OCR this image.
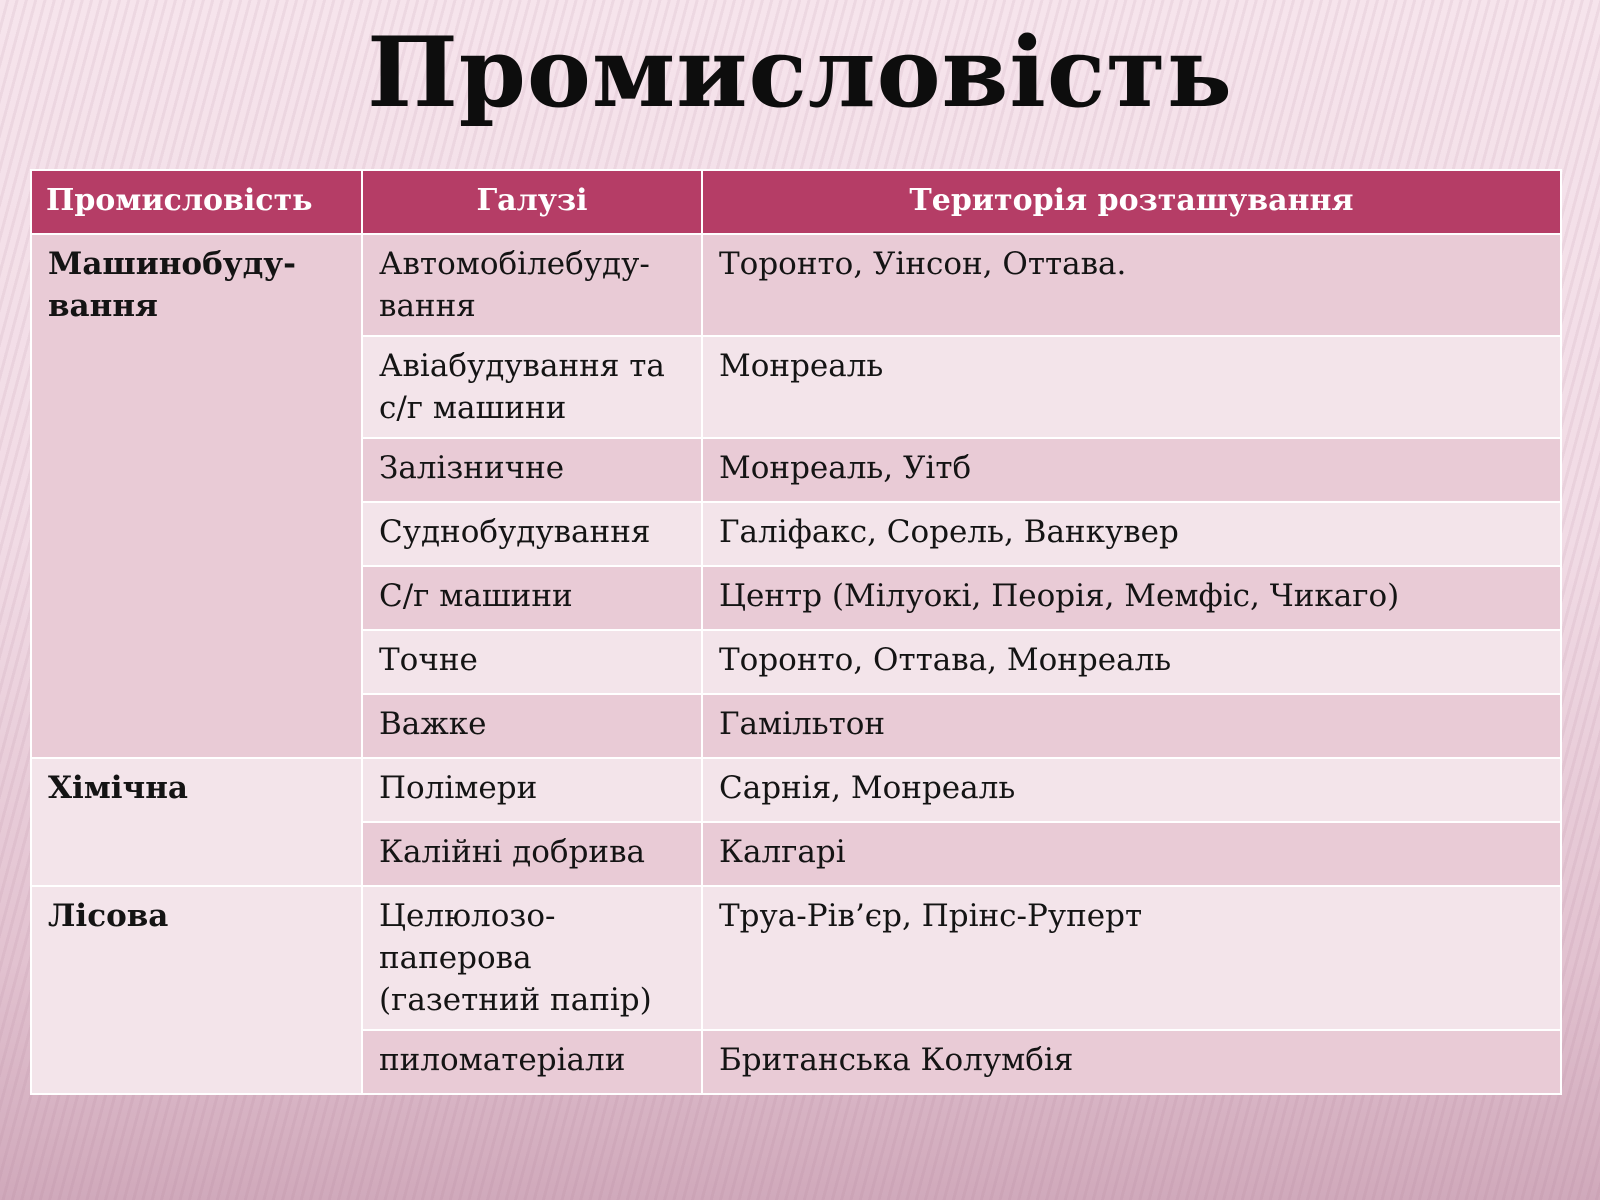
Промисловість
Промисловість	Галузі	Територія розташування
Машинобуду-вання	Автомобілебуду-вання	Торонто, Уінсон, Оттава.
	Авіабудування та с/г машини	Монреаль
	Залізничне	Монреаль, Уітб
	Суднобудування	Галіфакс, Сорель, Ванкувер
	С/г машини	Центр (Мілуокі, Пеорія, Мемфіс, Чикаго)
	Точне	Торонто, Оттава, Монреаль
	Важке	Гамільтон
Хімічна	Полімери	Сарнія, Монреаль
	Калійні добрива	Калгарі
Лісова	Целюлозо-паперова (газетний папір)	Труа-Рів’єр, Прінс-Руперт
	пиломатеріали	Британська Колумбія
